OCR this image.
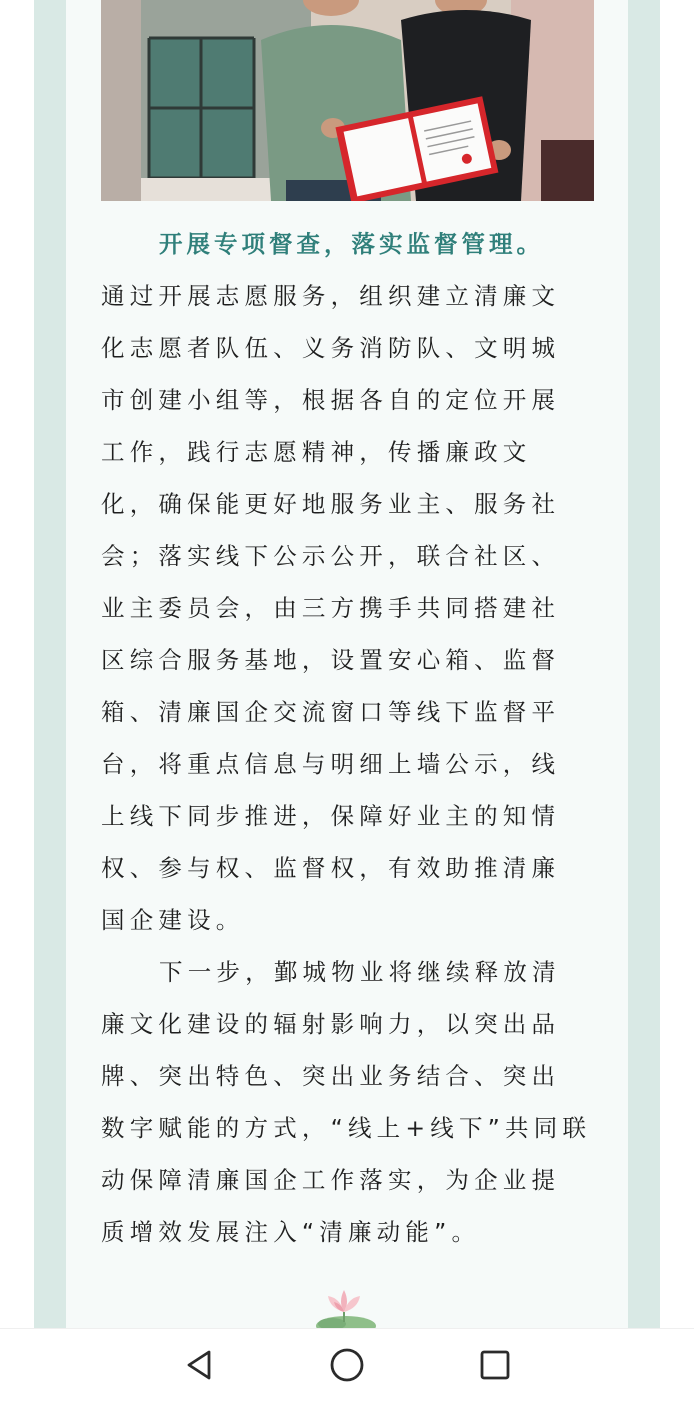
开展专项督查，落实监督管理。
通过开展志愿服务，组织建立清廉文
化志愿者队伍、义务消防队、文明城
市创建小组等，根据各自的定位开展
工作，践行志愿精神，传播廉政文
化，确保能更好地服务业主、服务社
会；落实线下公示公开，联合社区、
业主委员会，由三方携手共同搭建社
区综合服务基地，设置安心箱、监督
箱、清廉国企交流窗口等线下监督平
台，将重点信息与明细上墙公示，线
上线下同步推进，保障好业主的知情
权、参与权、监督权，有效助推清廉
国企建设。
下一步，鄞城物业将继续释放清
廉文化建设的辐射影响力，以突出品
牌、突出特色、突出业务结合、突出
数字赋能的方式，“线上+线下”共同联
动保障清廉国企工作落实，为企业提
质增效发展注入“清廉动能”。
